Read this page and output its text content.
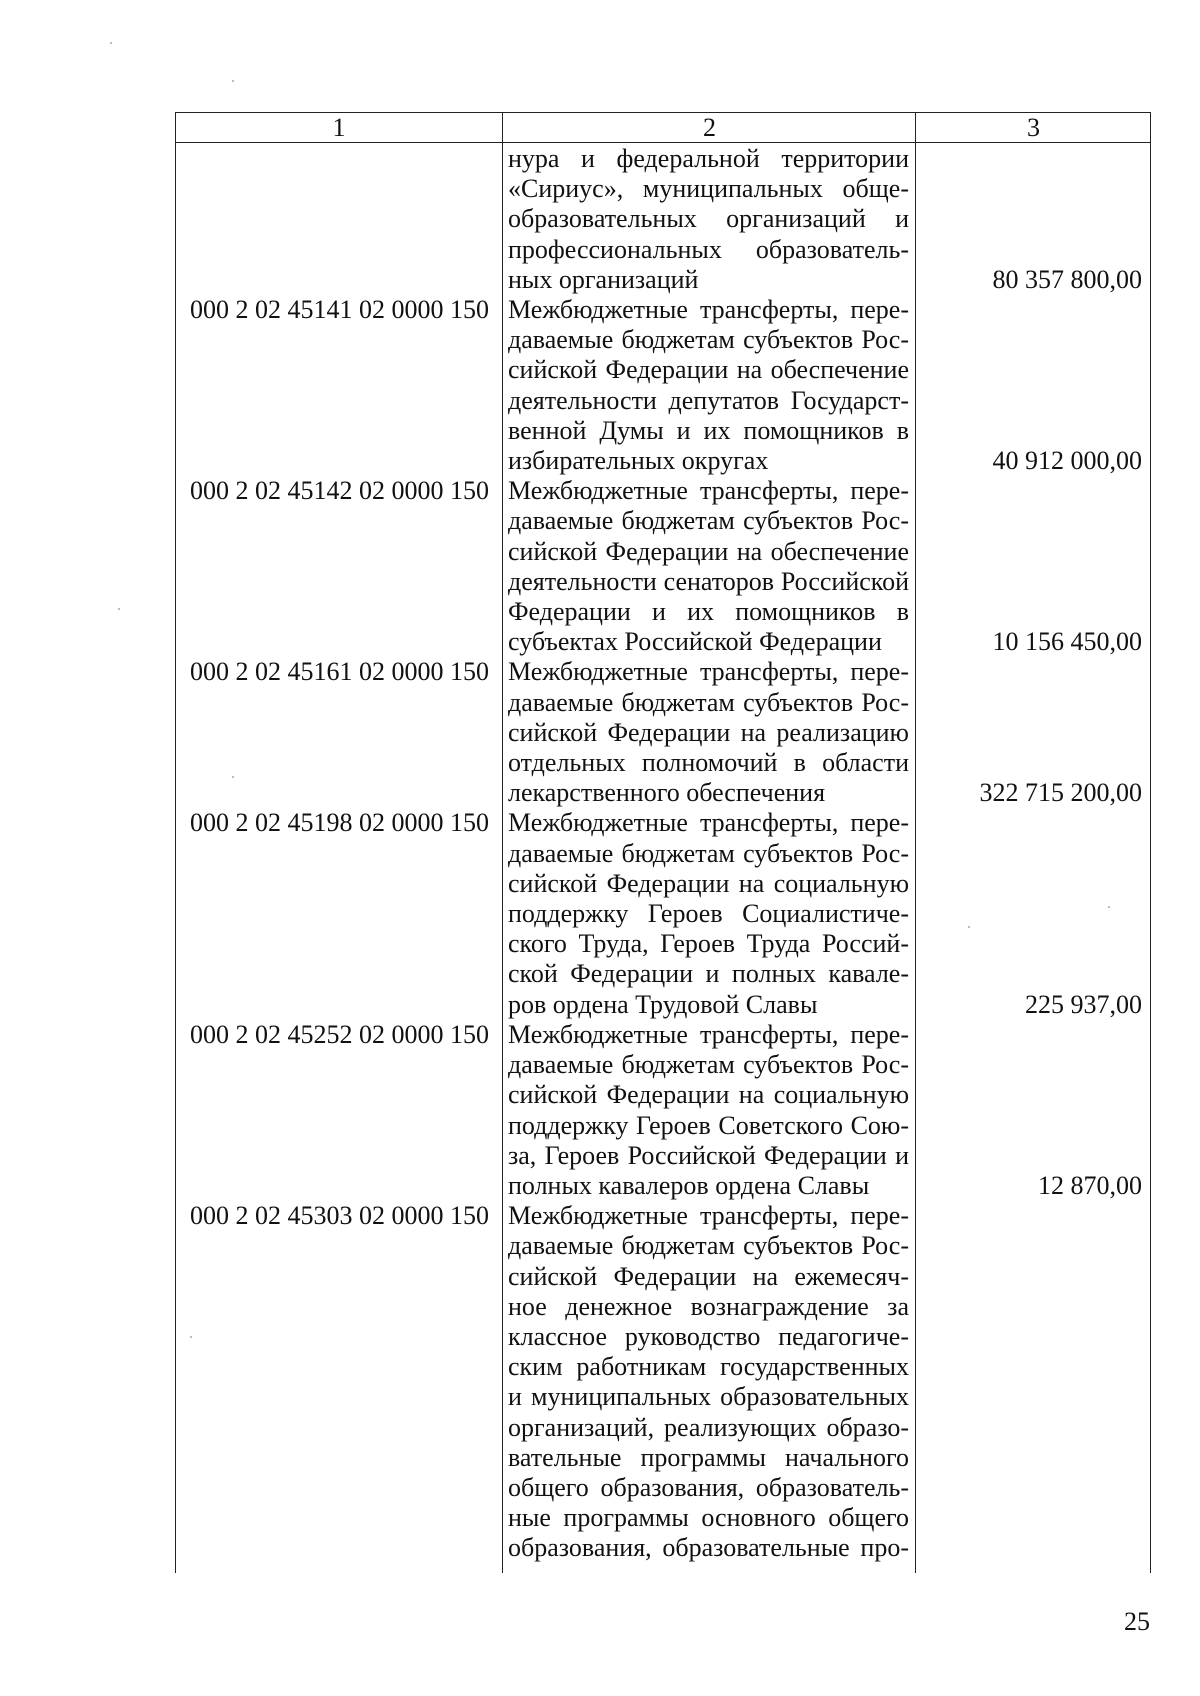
1	2	3
нура и федеральной территории
«Сириус», муниципальных обще-
образовательных организаций и
профессиональных образователь-
ных организаций	80 357 800,00
000 2 02 45141 02 0000 150 Межбюджетные трансферты, пере-
даваемые бюджетам субъектов Рос-
сийской Федерации на обеспечение
деятельности депутатов Государст-
венной Думы и их помощников в
избирательных округах	40 912 000,00
000 2 02 45142 02 0000 150 Межбюджетные трансферты, пере-
даваемые бюджетам субъектов Рос-
сийской Федерации на обеспечение
деятельности сенаторов Российской
Федерации и их помощников в
субъектах Российской Федерации	10 156 450,00
000 2 02 45161 02 0000 150 Межбюджетные трансферты, пере-
даваемые бюджетам субъектов Рос-
сийской Федерации на реализацию
отдельных полномочий в области
лекарственного обеспечения	322 715 200,00
000 2 02 45198 02 0000 150 Межбюджетные трансферты, пере-
даваемые бюджетам субъектов Рос-
сийской Федерации на социальную
поддержку Героев Социалистиче-
ского Труда, Героев Труда Россий-
ской Федерации и полных кавале-
ров ордена Трудовой Славы	225 937,00
000 2 02 45252 02 0000 150 Межбюджетные трансферты, пере-
даваемые бюджетам субъектов Рос-
сийской Федерации на социальную
поддержку Героев Советского Сою-
за, Героев Российской Федерации и
полных кавалеров ордена Славы	12 870,00
000 2 02 45303 02 0000 150 Межбюджетные трансферты, пере-
даваемые бюджетам субъектов Рос-
сийской Федерации на ежемесяч-
ное денежное вознаграждение за
классное руководство педагогиче-
ским работникам государственных
и муниципальных образовательных
организаций, реализующих образо-
вательные программы начального
общего образования, образователь-
ные программы основного общего
образования, образовательные про-
25
